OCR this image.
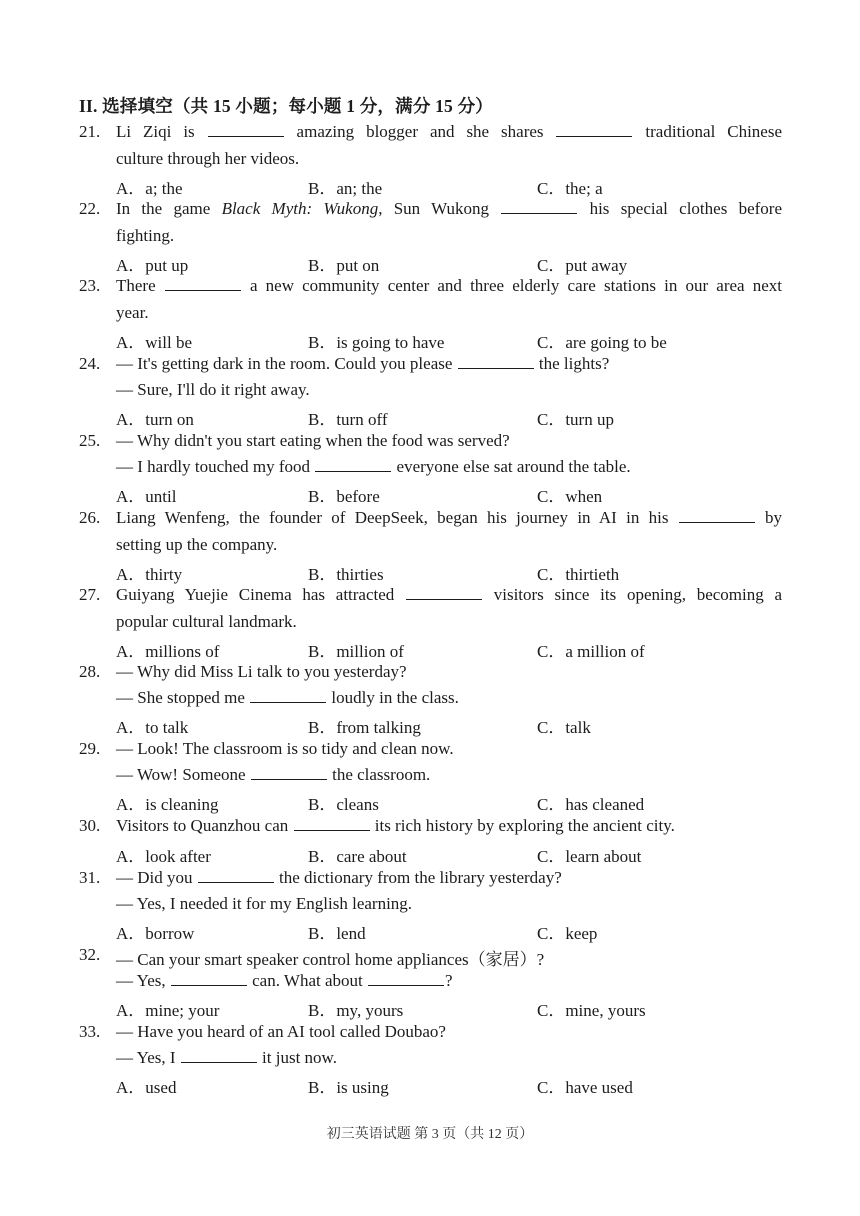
II. 选择填空（共 15 小题；每小题 1 分，满分 15 分）
21. Li Ziqi is	amazing blogger and she shares	traditional Chinese
culture through her videos.
A．a; the	B．an; the	C．the; a
22. In the game Black Myth: Wukong, Sun Wukong	his special clothes before
fighting.
A．put up	B．put on	C．put away
23. There	a new community center and three elderly care stations in our area next
year.
A．will be	B．is going to have	C．are going to be
24. — It's getting dark in the room. Could you please	the lights?
— Sure, I'll do it right away.
A．turn on	B．turn off	C．turn up
25. — Why didn't you start eating when the food was served?
— I hardly touched my food	everyone else sat around the table.
A．until	B．before	C．when
26. Liang Wenfeng, the founder of DeepSeek, began his journey in AI in his	by
setting up the company.
A．thirty	B．thirties	C．thirtieth
27. Guiyang Yuejie Cinema has attracted	visitors since its opening, becoming a
popular cultural landmark.
A．millions of	B．million of	C．a million of
28. — Why did Miss Li talk to you yesterday?
— She stopped me	loudly in the class.
A．to talk	B．from talking	C．talk
29. — Look! The classroom is so tidy and clean now.
— Wow! Someone	the classroom.
A．is cleaning	B．cleans	C．has cleaned
30. Visitors to Quanzhou can	its rich history by exploring the ancient city.
A．look after	B．care about	C．learn about
31. — Did you	the dictionary from the library yesterday?
— Yes, I needed it for my English learning.
A．borrow	B．lend	C．keep
32. — Can your smart speaker control home appliances（家居）?
— Yes,	can. What about	?
A．mine; your	B．my, yours	C．mine, yours
33. — Have you heard of an AI tool called Doubao?
— Yes, I	it just now.
A．used	B．is using	C．have used
初三英语试题 第 3 页（共 12 页）
